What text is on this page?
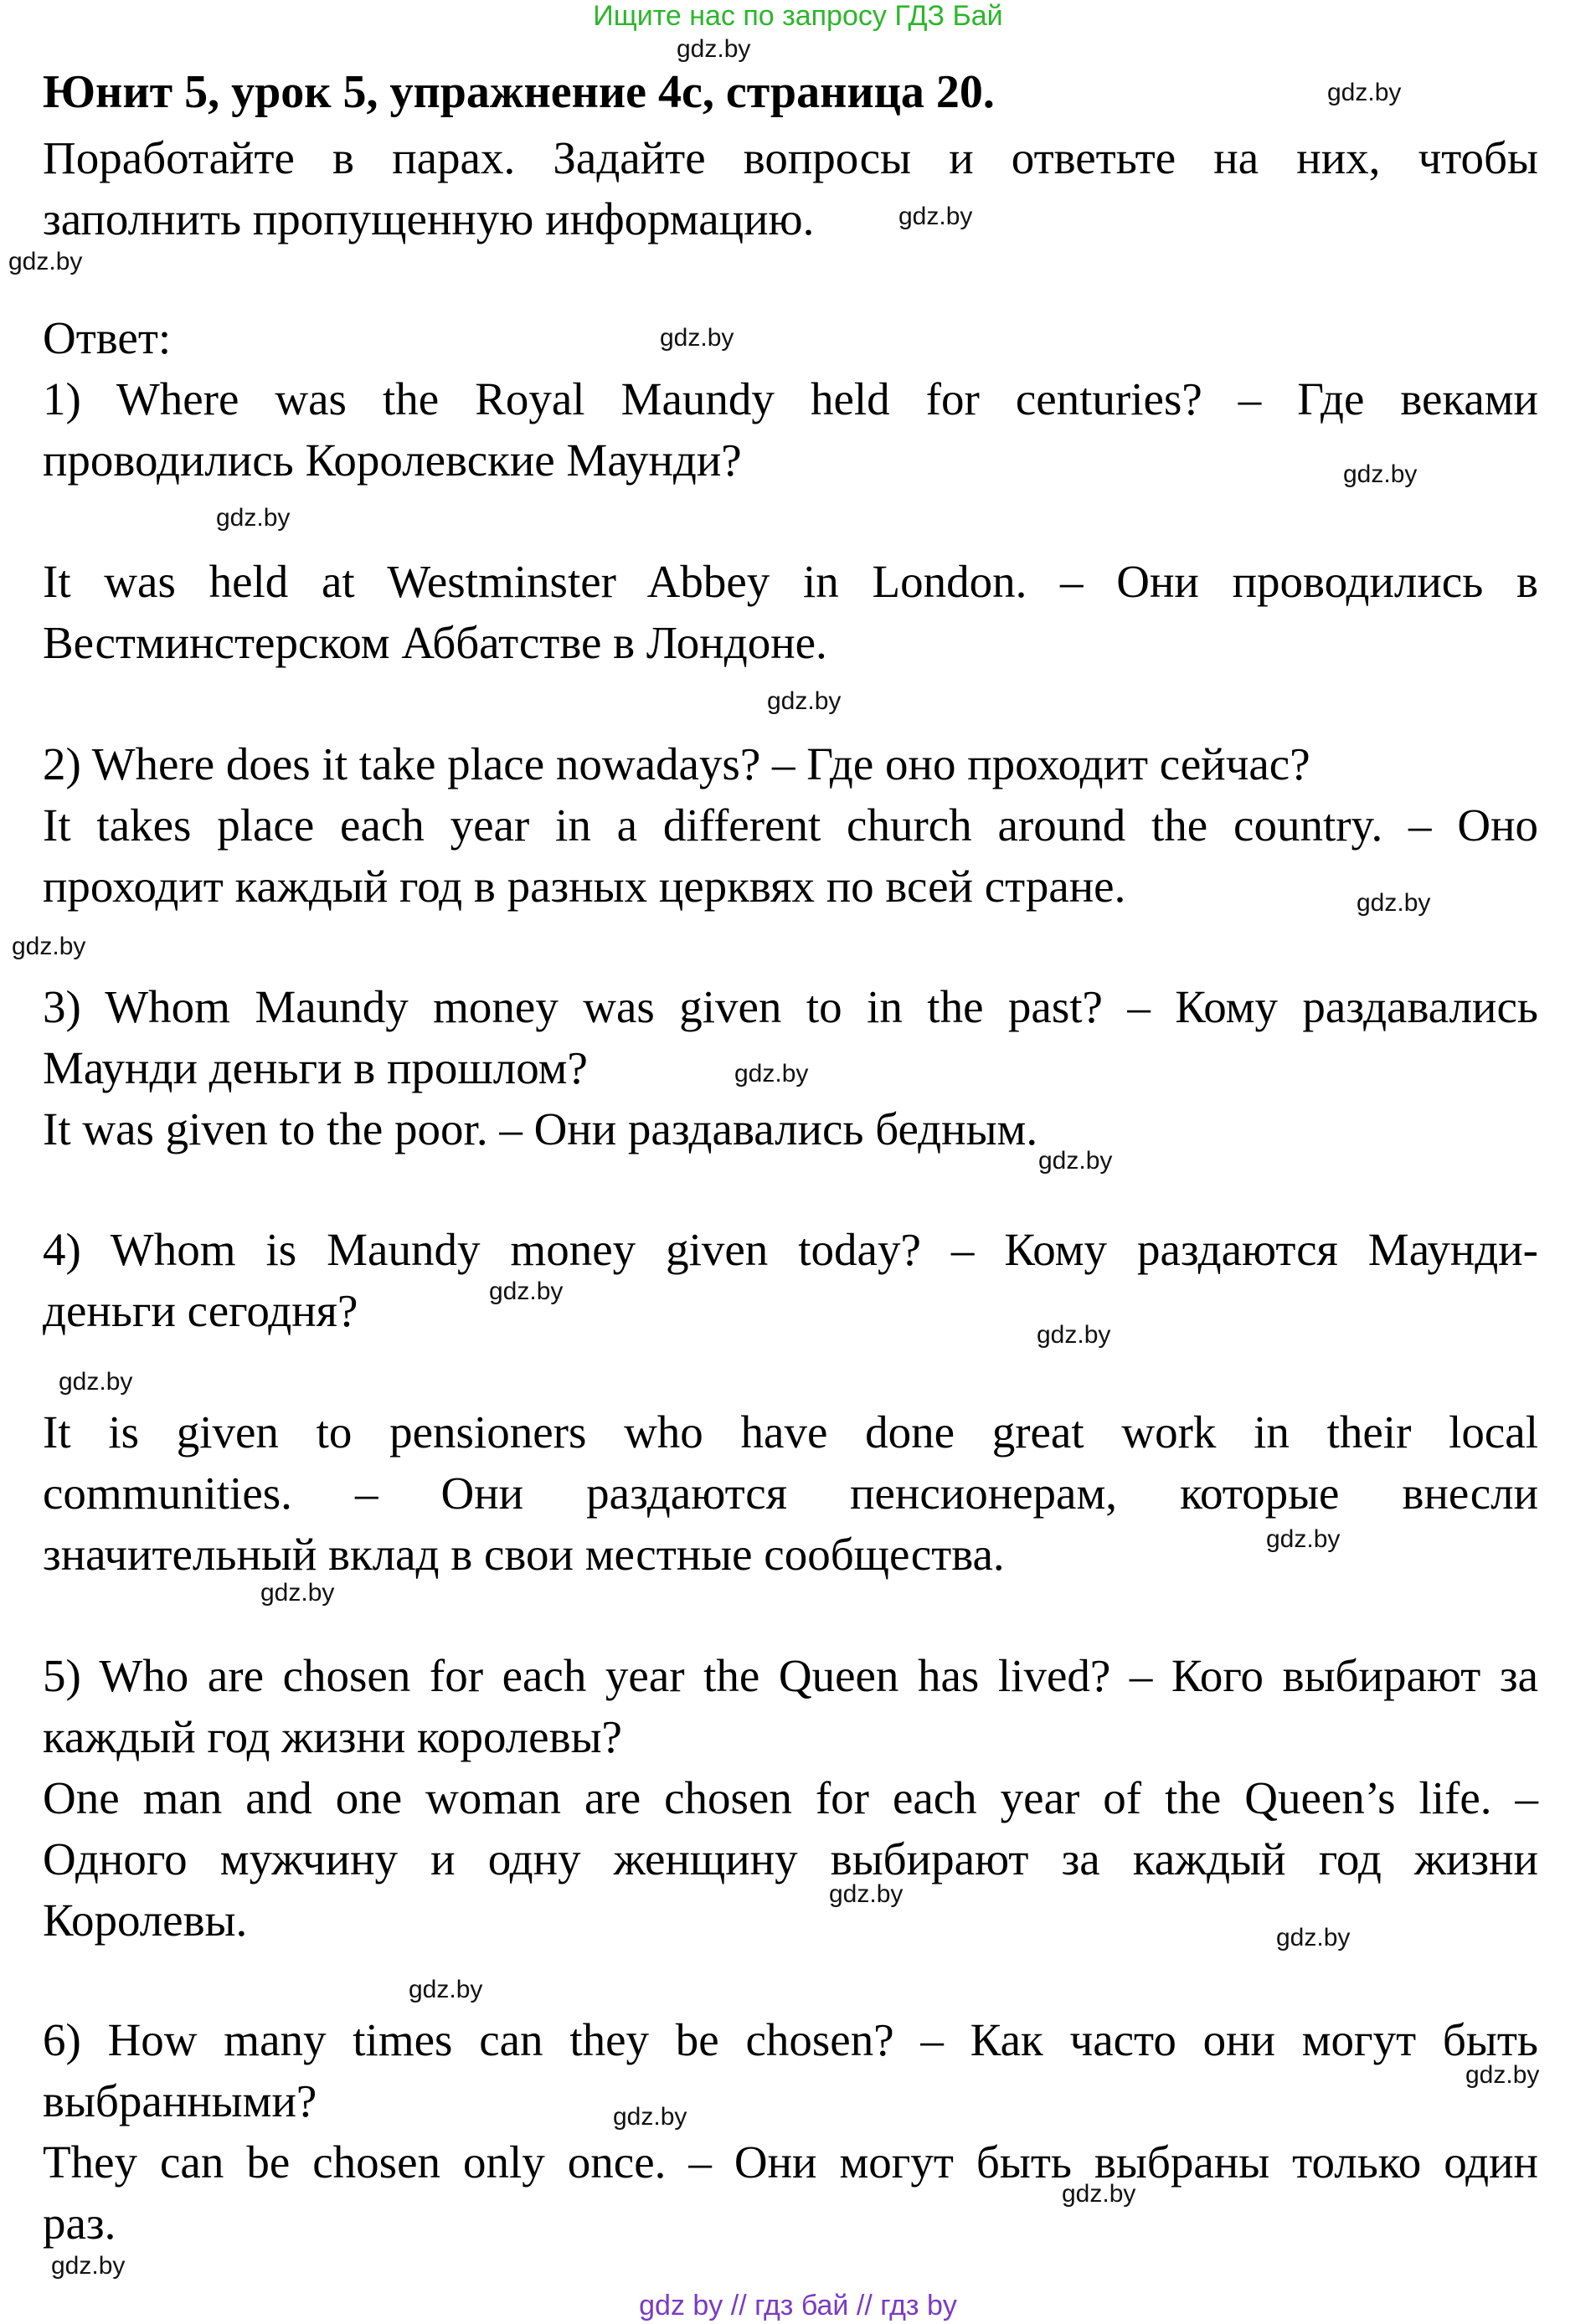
Ищите нас по запросу ГДЗ Бай
Юнит 5, урок 5, упражнение 4c, страница 20.
Поработайте в парах. Задайте вопросы и ответьте на них, чтобы
заполнить пропущенную информацию.
Ответ:
1) Where was the Royal Maundy held for centuries? – Где веками
проводились Королевские Маунди?
It was held at Westminster Abbey in London. – Они проводились в
Вестминстерском Аббатстве в Лондоне.
2) Where does it take place nowadays? – Где оно проходит сейчас?
It takes place each year in a different church around the country. – Оно
проходит каждый год в разных церквях по всей стране.
3) Whom Maundy money was given to in the past? – Кому раздавались
Маунди деньги в прошлом?
It was given to the poor. – Они раздавались бедным.
4) Whom is Maundy money given today? – Кому раздаются Маунди-
деньги сегодня?
It is given to pensioners who have done great work in their local
communities. – Они раздаются пенсионерам, которые внесли
значительный вклад в свои местные сообщества.
5) Who are chosen for each year the Queen has lived? – Кого выбирают за
каждый год жизни королевы?
One man and one woman are chosen for each year of the Queen’s life. –
Одного мужчину и одну женщину выбирают за каждый год жизни
Королевы.
6) How many times can they be chosen? – Как часто они могут быть
выбранными?
They can be chosen only once. – Они могут быть выбраны только один
раз.
gdz.by
gdz.by
gdz.by
gdz.by
gdz.by
gdz.by
gdz.by
gdz.by
gdz.by
gdz.by
gdz.by
gdz.by
gdz.by
gdz.by
gdz.by
gdz.by
gdz.by
gdz.by
gdz.by
gdz.by
gdz.by
gdz.by
gdz.by
gdz.by
gdz by // гдз бай // гдз by
